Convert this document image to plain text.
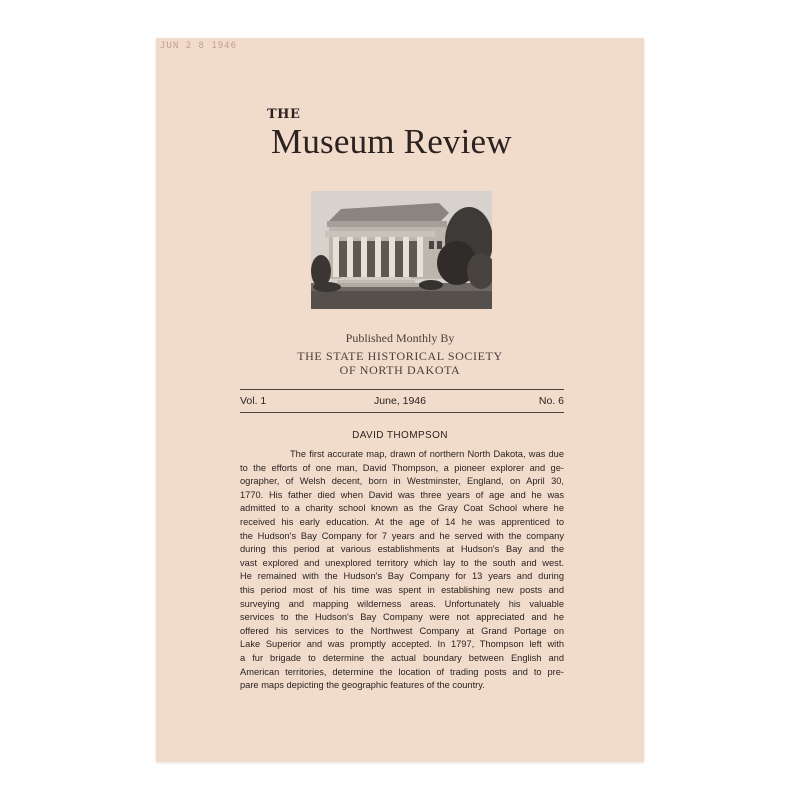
JUN 2 8 1946
THE
Museum Review
Published Monthly By
THE STATE HISTORICAL SOCIETY
OF NORTH DAKOTA
Vol. 1	June, 1946	No. 6
DAVID THOMPSON
The first accurate map, drawn of northern North Dakota, was due
to the efforts of one man, David Thompson, a pioneer explorer and ge-
ographer, of Welsh decent, born in Westminster, England, on April 30,
1770. His father died when David was three years of age and he was
admitted to a charity school known as the Gray Coat School where he
received his early education. At the age of 14 he was apprenticed to
the Hudson's Bay Company for 7 years and he served with the company
during this period at various establishments at Hudson's Bay and the
vast explored and unexplored territory which lay to the south and west.
He remained with the Hudson's Bay Company for 13 years and during
this period most of his time was spent in establishing new posts and
surveying and mapping wilderness areas. Unfortunately his valuable
services to the Hudson's Bay Company were not appreciated and he
offered his services to the Northwest Company at Grand Portage on
Lake Superior and was promptly accepted. In 1797, Thompson left with
a fur brigade to determine the actual boundary between English and
American territories, determine the location of trading posts and to pre-
pare maps depicting the geographic features of the country.
